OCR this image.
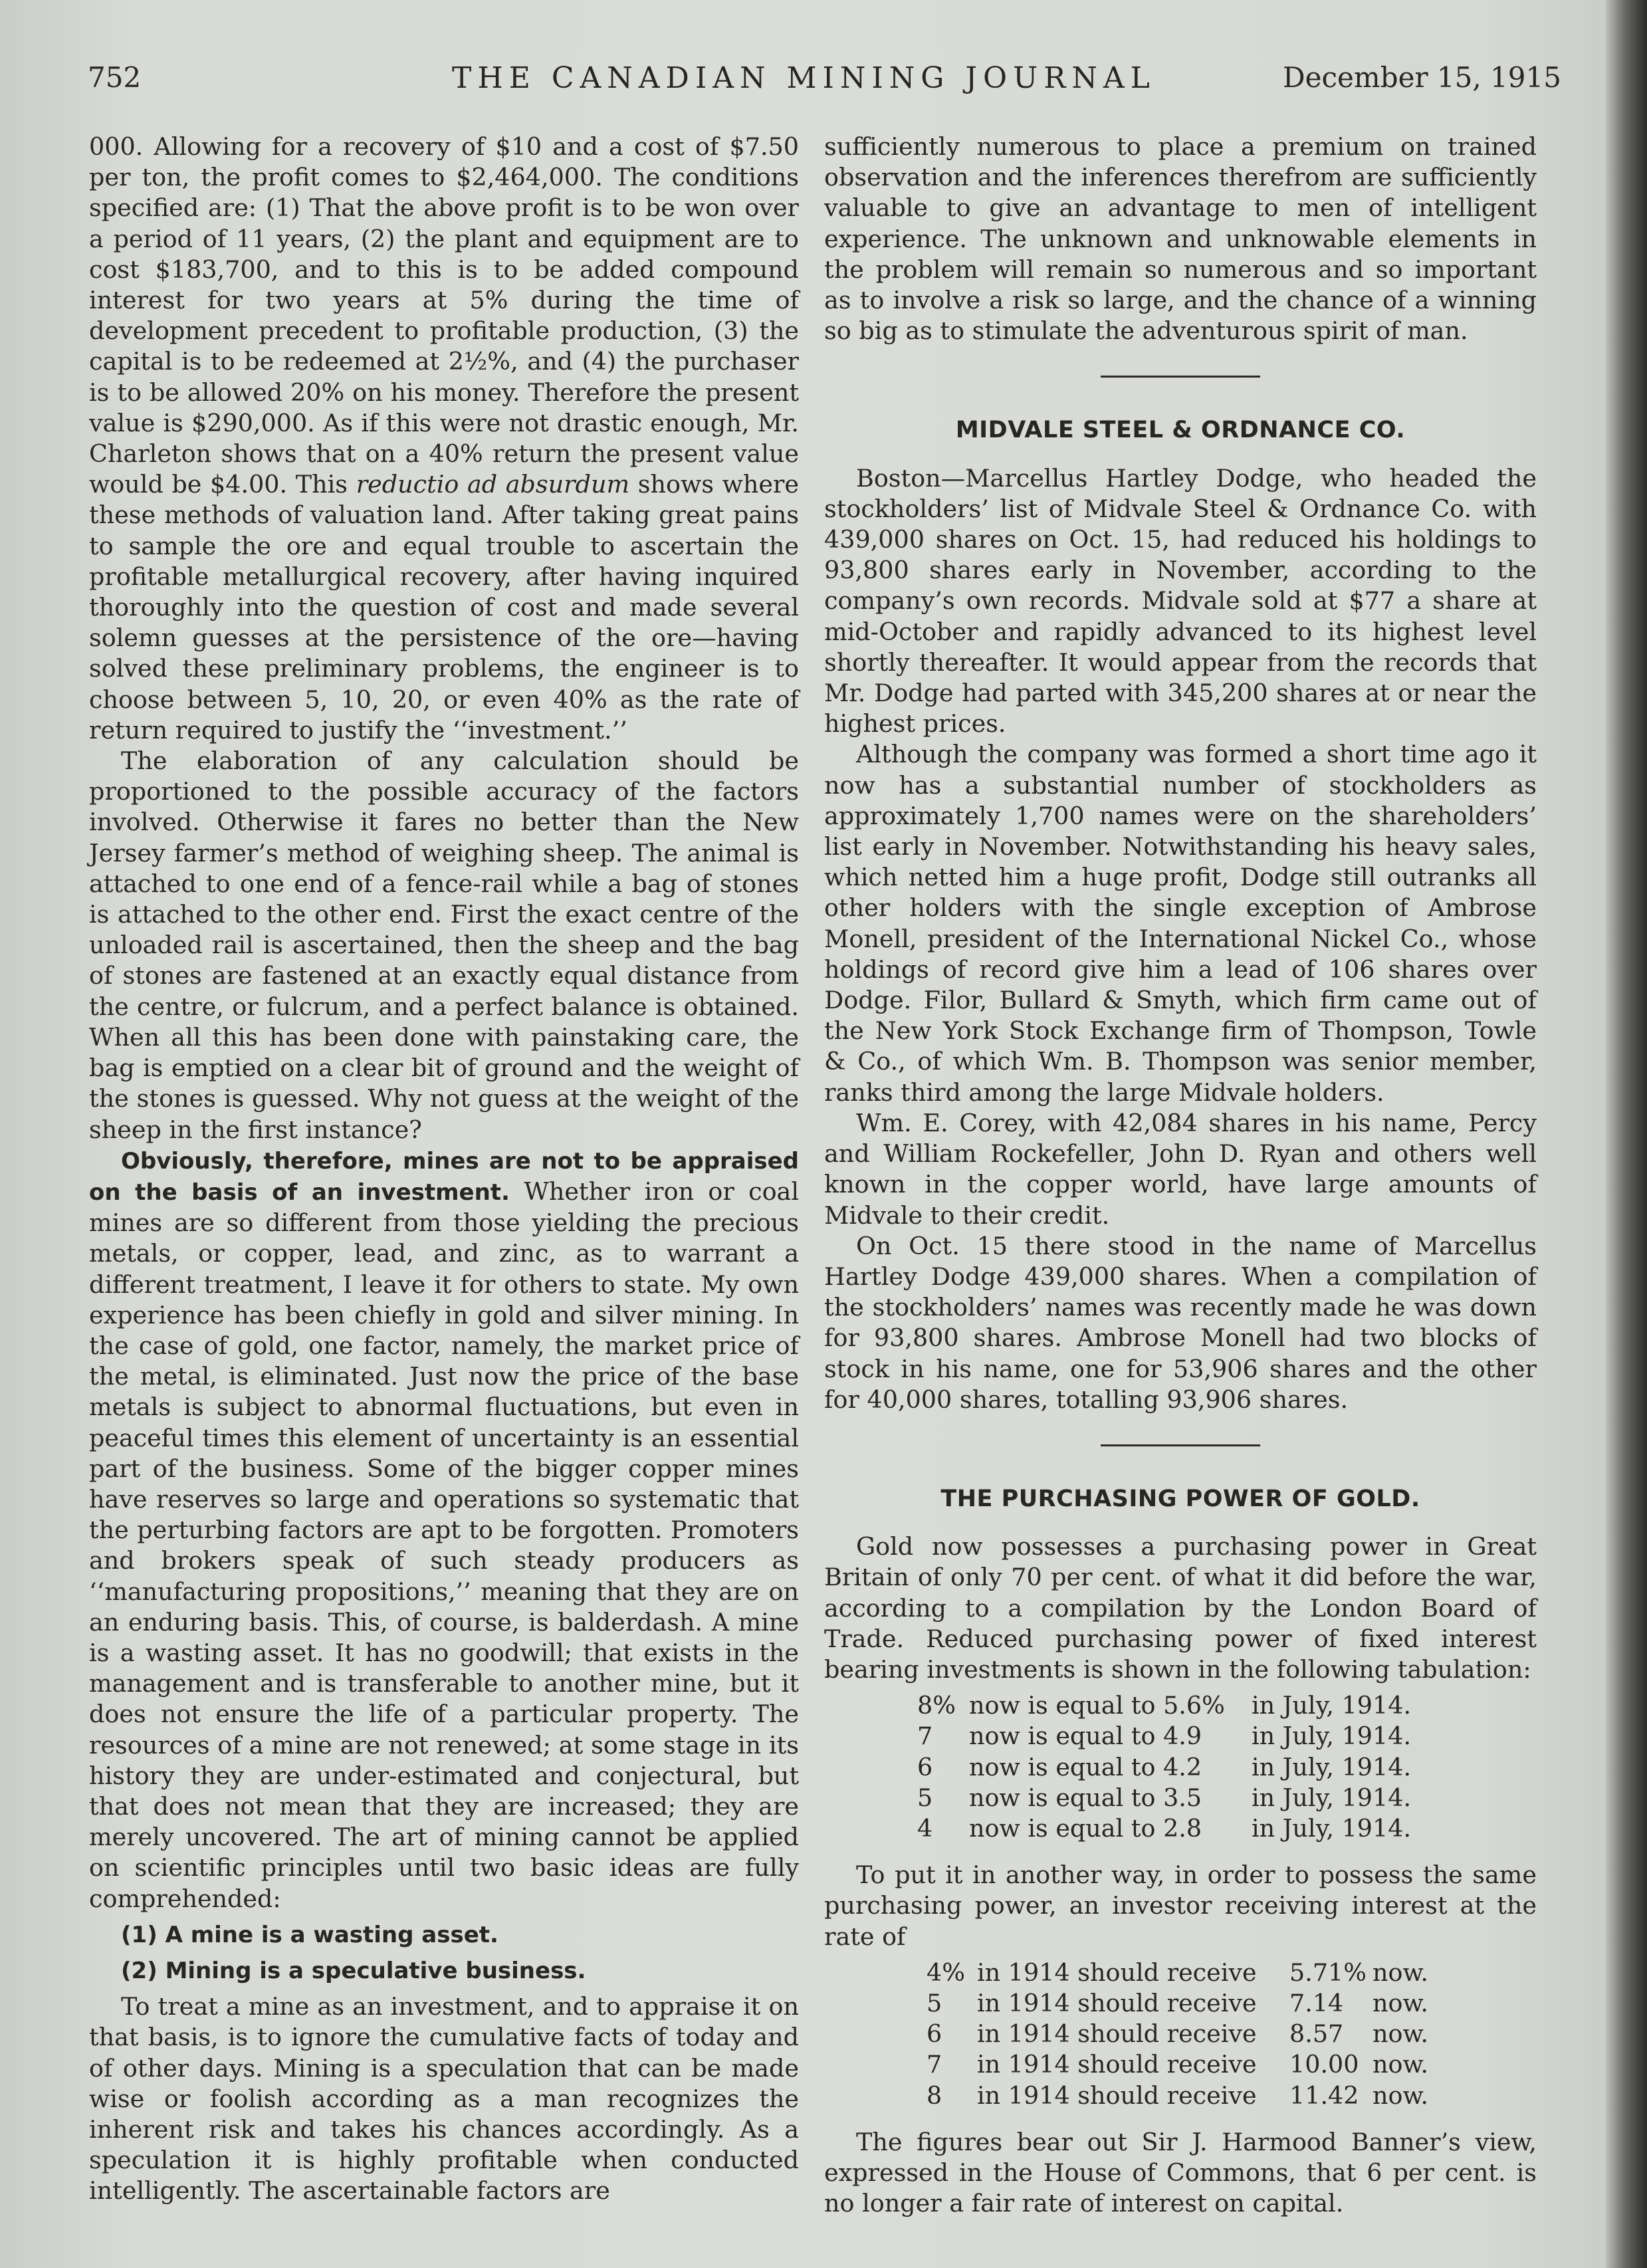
752	THE CANADIAN MINING JOURNAL	December 15, 1915

000. Allowing for a recovery of $10 and a cost of $7.50 per ton, the profit comes to $2,464,000. The conditions specified are: (1) That the above profit is to be won over a period of 11 years, (2) the plant and equipment are to cost $183,700, and to this is to be added compound interest for two years at 5% during the time of development precedent to profitable production, (3) the capital is to be redeemed at 2½%, and (4) the purchaser is to be allowed 20% on his money. Therefore the present value is $290,000. As if this were not drastic enough, Mr. Charleton shows that on a 40% return the present value would be $4.00. This reductio ad absurdum shows where these methods of valuation land. After taking great pains to sample the ore and equal trouble to ascertain the profitable metallurgical recovery, after having inquired thoroughly into the question of cost and made several solemn guesses at the persistence of the ore—having solved these preliminary problems, the engineer is to choose between 5, 10, 20, or even 40% as the rate of return required to justify the ‘‘investment.’’

The elaboration of any calculation should be proportioned to the possible accuracy of the factors involved. Otherwise it fares no better than the New Jersey farmer’s method of weighing sheep. The animal is attached to one end of a fence-rail while a bag of stones is attached to the other end. First the exact centre of the unloaded rail is ascertained, then the sheep and the bag of stones are fastened at an exactly equal distance from the centre, or fulcrum, and a perfect balance is obtained. When all this has been done with painstaking care, the bag is emptied on a clear bit of ground and the weight of the stones is guessed. Why not guess at the weight of the sheep in the first instance?

Obviously, therefore, mines are not to be appraised on the basis of an investment. Whether iron or coal mines are so different from those yielding the precious metals, or copper, lead, and zinc, as to warrant a different treatment, I leave it for others to state. My own experience has been chiefly in gold and silver mining. In the case of gold, one factor, namely, the market price of the metal, is eliminated. Just now the price of the base metals is subject to abnormal fluctuations, but even in peaceful times this element of uncertainty is an essential part of the business. Some of the bigger copper mines have reserves so large and operations so systematic that the perturbing factors are apt to be forgotten. Promoters and brokers speak of such steady producers as ‘‘manufacturing propositions,’’ meaning that they are on an enduring basis. This, of course, is balderdash. A mine is a wasting asset. It has no goodwill; that exists in the management and is transferable to another mine, but it does not ensure the life of a particular property. The resources of a mine are not renewed; at some stage in its history they are under-estimated and conjectural, but that does not mean that they are increased; they are merely uncovered. The art of mining cannot be applied on scientific principles until two basic ideas are fully comprehended:

(1) A mine is a wasting asset.

(2) Mining is a speculative business.

To treat a mine as an investment, and to appraise it on that basis, is to ignore the cumulative facts of today and of other days. Mining is a speculation that can be made wise or foolish according as a man recognizes the inherent risk and takes his chances accordingly. As a speculation it is highly profitable when conducted intelligently. The ascertainable factors are

sufficiently numerous to place a premium on trained observation and the inferences therefrom are sufficiently valuable to give an advantage to men of intelligent experience. The unknown and unknowable elements in the problem will remain so numerous and so important as to involve a risk so large, and the chance of a winning so big as to stimulate the adventurous spirit of man.

MIDVALE STEEL & ORDNANCE CO.

Boston—Marcellus Hartley Dodge, who headed the stockholders’ list of Midvale Steel & Ordnance Co. with 439,000 shares on Oct. 15, had reduced his holdings to 93,800 shares early in November, according to the company’s own records. Midvale sold at $77 a share at mid-October and rapidly advanced to its highest level shortly thereafter. It would appear from the records that Mr. Dodge had parted with 345,200 shares at or near the highest prices.

Although the company was formed a short time ago it now has a substantial number of stockholders as approximately 1,700 names were on the shareholders’ list early in November. Notwithstanding his heavy sales, which netted him a huge profit, Dodge still outranks all other holders with the single exception of Ambrose Monell, president of the International Nickel Co., whose holdings of record give him a lead of 106 shares over Dodge. Filor, Bullard & Smyth, which firm came out of the New York Stock Exchange firm of Thompson, Towle & Co., of which Wm. B. Thompson was senior member, ranks third among the large Midvale holders.

Wm. E. Corey, with 42,084 shares in his name, Percy and William Rockefeller, John D. Ryan and others well known in the copper world, have large amounts of Midvale to their credit.

On Oct. 15 there stood in the name of Marcellus Hartley Dodge 439,000 shares. When a compilation of the stockholders’ names was recently made he was down for 93,800 shares. Ambrose Monell had two blocks of stock in his name, one for 53,906 shares and the other for 40,000 shares, totalling 93,906 shares.

THE PURCHASING POWER OF GOLD.

Gold now possesses a purchasing power in Great Britain of only 70 per cent. of what it did before the war, according to a compilation by the London Board of Trade. Reduced purchasing power of fixed interest bearing investments is shown in the following tabulation:

8%	now is equal to 5.6%	in July, 1914.
7	now is equal to 4.9	in July, 1914.
6	now is equal to 4.2	in July, 1914.
5	now is equal to 3.5	in July, 1914.
4	now is equal to 2.8	in July, 1914.

To put it in another way, in order to possess the same purchasing power, an investor receiving interest at the rate of

4%	in 1914 should receive	5.71%	now.
5	in 1914 should receive	7.14	now.
6	in 1914 should receive	8.57	now.
7	in 1914 should receive	10.00	now.
8	in 1914 should receive	11.42	now.

The figures bear out Sir J. Harmood Banner’s view, expressed in the House of Commons, that 6 per cent. is no longer a fair rate of interest on capital.
